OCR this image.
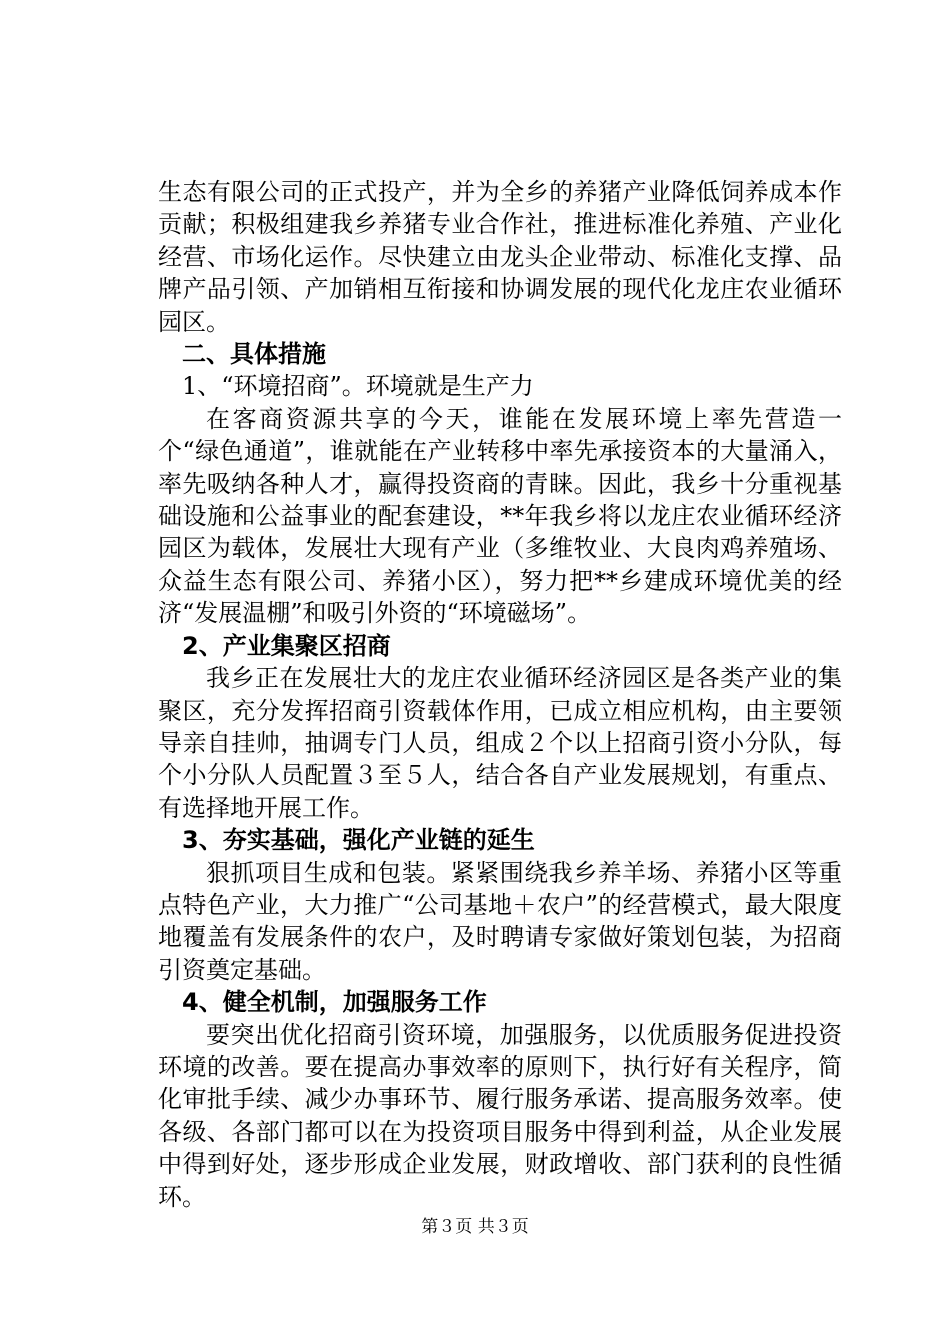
生态有限公司的正式投产，并为全乡的养猪产业降低饲养成本作贡献；积极组建我乡养猪专业合作社，推进标准化养殖、产业化经营、市场化运作。尽快建立由龙头企业带动、标准化支撑、品牌产品引领、产加销相互衔接和协调发展的现代化龙庄农业循环园区。

二、具体措施

1、“环境招商”。环境就是生产力

在客商资源共享的今天，谁能在发展环境上率先营造一个“绿色通道”，谁就能在产业转移中率先承接资本的大量涌入，率先吸纳各种人才，赢得投资商的青睐。因此，我乡十分重视基础设施和公益事业的配套建设，**年我乡将以龙庄农业循环经济园区为载体，发展壮大现有产业（多维牧业、大良肉鸡养殖场、众益生态有限公司、养猪小区），努力把**乡建成环境优美的经济“发展温棚”和吸引外资的“环境磁场”。

2、产业集聚区招商

我乡正在发展壮大的龙庄农业循环经济园区是各类产业的集聚区，充分发挥招商引资载体作用，已成立相应机构，由主要领导亲自挂帅，抽调专门人员，组成２个以上招商引资小分队，每个小分队人员配置３至５人，结合各自产业发展规划，有重点、有选择地开展工作。

3、夯实基础，强化产业链的延生

狠抓项目生成和包装。紧紧围绕我乡养羊场、养猪小区等重点特色产业，大力推广“公司基地＋农户”的经营模式，最大限度地覆盖有发展条件的农户，及时聘请专家做好策划包装，为招商引资奠定基础。

4、健全机制，加强服务工作

要突出优化招商引资环境，加强服务，以优质服务促进投资环境的改善。要在提高办事效率的原则下，执行好有关程序，简化审批手续、减少办事环节、履行服务承诺、提高服务效率。使各级、各部门都可以在为投资项目服务中得到利益，从企业发展中得到好处，逐步形成企业发展，财政增收、部门获利的良性循环。

第３页 共３页
